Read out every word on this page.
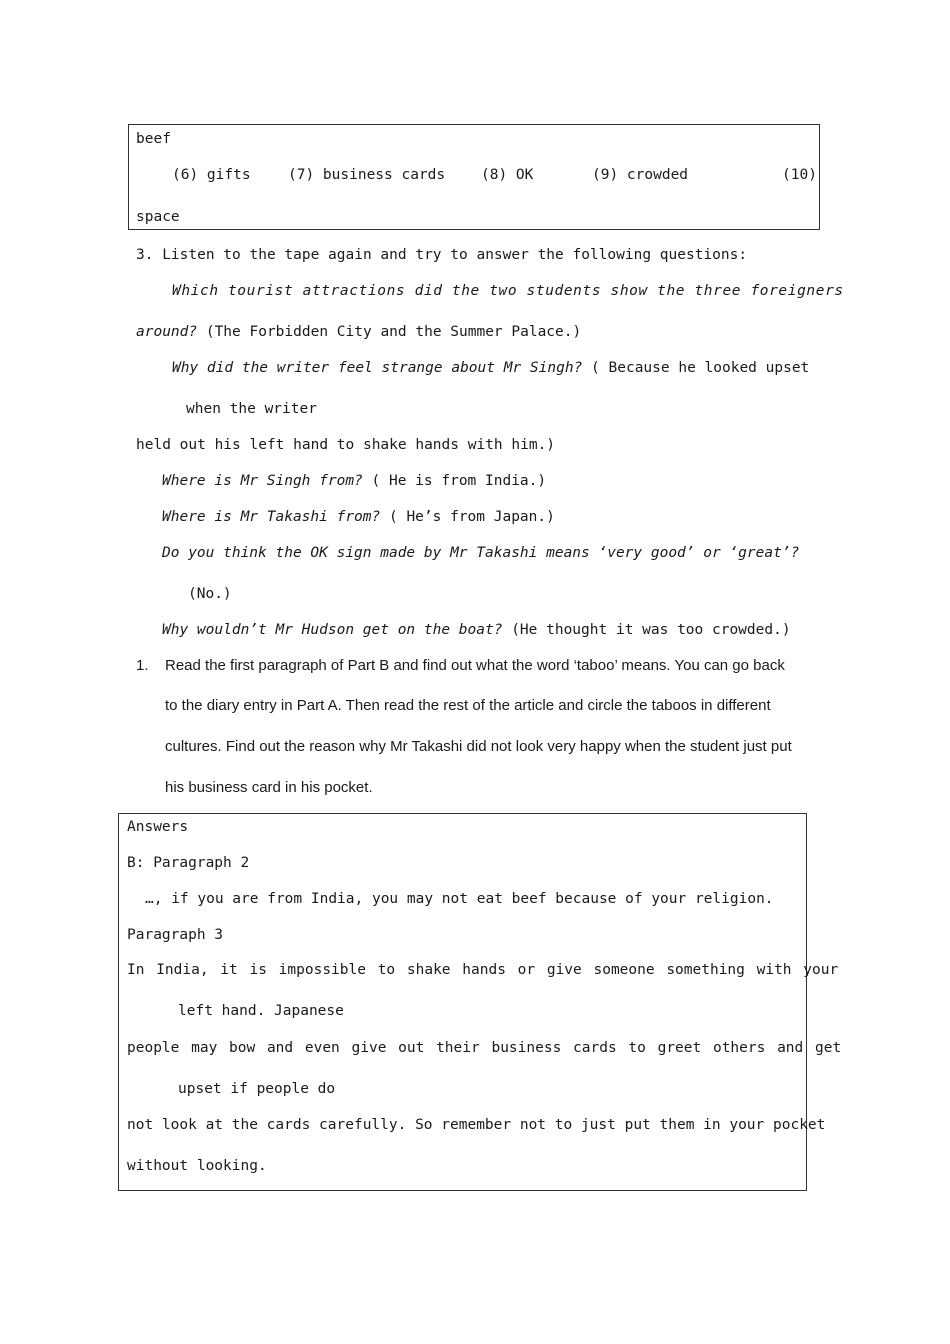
beef
(6) gifts	(7) business cards (8) OK	(9) crowded	(10)
space
3. Listen to the tape again and try to answer the following questions:
Which tourist attractions did the two students show the three foreigners
around? (The Forbidden City and the Summer Palace.)
Why did the writer feel strange about Mr Singh? ( Because he looked upset
when the writer
held out his left hand to shake hands with him.)
Where is Mr Singh from? ( He is from India.)
Where is Mr Takashi from? ( He’s from Japan.)
Do you think the OK sign made by Mr Takashi means ‘very good’ or ‘great’?
(No.)
Why wouldn’t Mr Hudson get on the boat? (He thought it was too crowded.)
1. Read the first paragraph of Part B and find out what the word ‘taboo’ means. You can go back
to the diary entry in Part A. Then read the rest of the article and circle the taboos in different
cultures. Find out the reason why Mr Takashi did not look very happy when the student just put
his business card in his pocket.
Answers
B: Paragraph 2
…, if you are from India, you may not eat beef because of your religion.
Paragraph 3
In India, it is impossible to shake hands or give someone something with your
left hand. Japanese
people may bow and even give out their business cards to greet others and get
upset if people do
not look at the cards carefully. So remember not to just put them in your pocket
without looking.
